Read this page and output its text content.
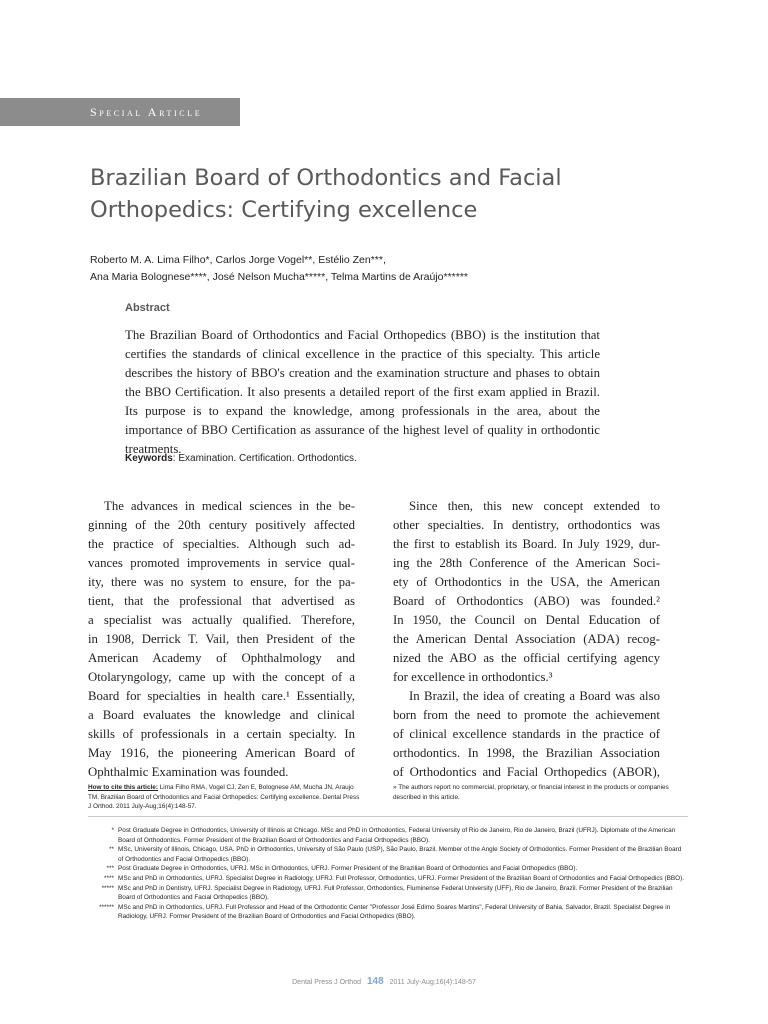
Special Article
Brazilian Board of Orthodontics and Facial Orthopedics: Certifying excellence
Roberto M. A. Lima Filho*, Carlos Jorge Vogel**, Estélio Zen***,
Ana Maria Bolognese****, José Nelson Mucha*****, Telma Martins de Araújo******
Abstract

The Brazilian Board of Orthodontics and Facial Orthopedics (BBO) is the institution that certifies the standards of clinical excellence in the practice of this specialty. This article describes the history of BBO's creation and the examination structure and phases to obtain the BBO Certification. It also presents a detailed report of the first exam applied in Brazil. Its purpose is to expand the knowledge, among professionals in the area, about the importance of BBO Certification as assurance of the highest level of quality in orthodontic treatments.

Keywords: Examination. Certification. Orthodontics.
The advances in medical sciences in the be-
ginning of the 20th century positively affected
the practice of specialties. Although such ad-
vances promoted improvements in service qual-
ity, there was no system to ensure, for the pa-
tient, that the professional that advertised as
a specialist was actually qualified. Therefore,
in 1908, Derrick T. Vail, then President of the
American Academy of Ophthalmology and
Otolaryngology, came up with the concept of a
Board for specialties in health care.¹ Essentially,
a Board evaluates the knowledge and clinical
skills of professionals in a certain specialty. In
May 1916, the pioneering American Board of
Ophthalmic Examination was founded.
Since then, this new concept extended to
other specialties. In dentistry, orthodontics was
the first to establish its Board. In July 1929, dur-
ing the 28th Conference of the American Soci-
ety of Orthodontics in the USA, the American
Board of Orthodontics (ABO) was founded.²
In 1950, the Council on Dental Education of
the American Dental Association (ADA) recog-
nized the ABO as the official certifying agency
for excellence in orthodontics.³
In Brazil, the idea of creating a Board was also
born from the need to promote the achievement
of clinical excellence standards in the practice of
orthodontics. In 1998, the Brazilian Association
of Orthodontics and Facial Orthopedics (ABOR),
How to cite this article: Lima Filho RMA, Vogel CJ, Zen E, Bolognese AM, Mucha JN, Araujo TM. Brazilian Board of Orthodontics and Facial Orthopedics: Certifying excellence. Dental Press J Orthod. 2011 July-Aug;16(4):148-57.
» The authors report no commercial, proprietary, or financial interest in the products or companies described in this article.
* Post Graduate Degree in Orthodontics, University of Illinois at Chicago. MSc and PhD in Orthodontics, Federal University of Rio de Janeiro, Rio de Janeiro, Brazil (UFRJ). Diplomate of the American Board of Orthodontics. Former President of the Brazilian Board of Orthodontics and Facial Orthopedics (BBO).
** MSc, University of Illinois, Chicago, USA. PhD in Orthodontics, University of São Paulo (USP), São Paulo, Brazil. Member of the Angle Society of Orthodontics. Former President of the Brazilian Board of Orthodontics and Facial Orthopedics (BBO).
*** Post Graduate Degree in Orthodontics, UFRJ. MSc in Orthodontics, UFRJ. Former President of the Brazilian Board of Orthodontics and Facial Orthopedics (BBO).
**** MSc and PhD in Orthodontics, UFRJ. Specialist Degree in Radiology, UFRJ. Full Professor, Orthodontics, UFRJ. Former President of the Brazilian Board of Orthodontics and Facial Orthopedics (BBO).
***** MSc and PhD in Dentistry, UFRJ. Specialist Degree in Radiology, UFRJ. Full Professor, Orthodontics, Fluminense Federal University (UFF), Rio de Janeiro, Brazil. Former President of the Brazilian Board of Orthodontics and Facial Orthopedics (BBO).
****** MSc and PhD in Orthodontics, UFRJ. Full Professor and Head of the Orthodontic Center "Professor José Edimo Soares Martins", Federal University of Bahia, Salvador, Brazil. Specialist Degree in Radiology, UFRJ. Former President of the Brazilian Board of Orthodontics and Facial Orthopedics (BBO).
Dental Press J Orthod 148 2011 July-Aug;16(4):148-57
